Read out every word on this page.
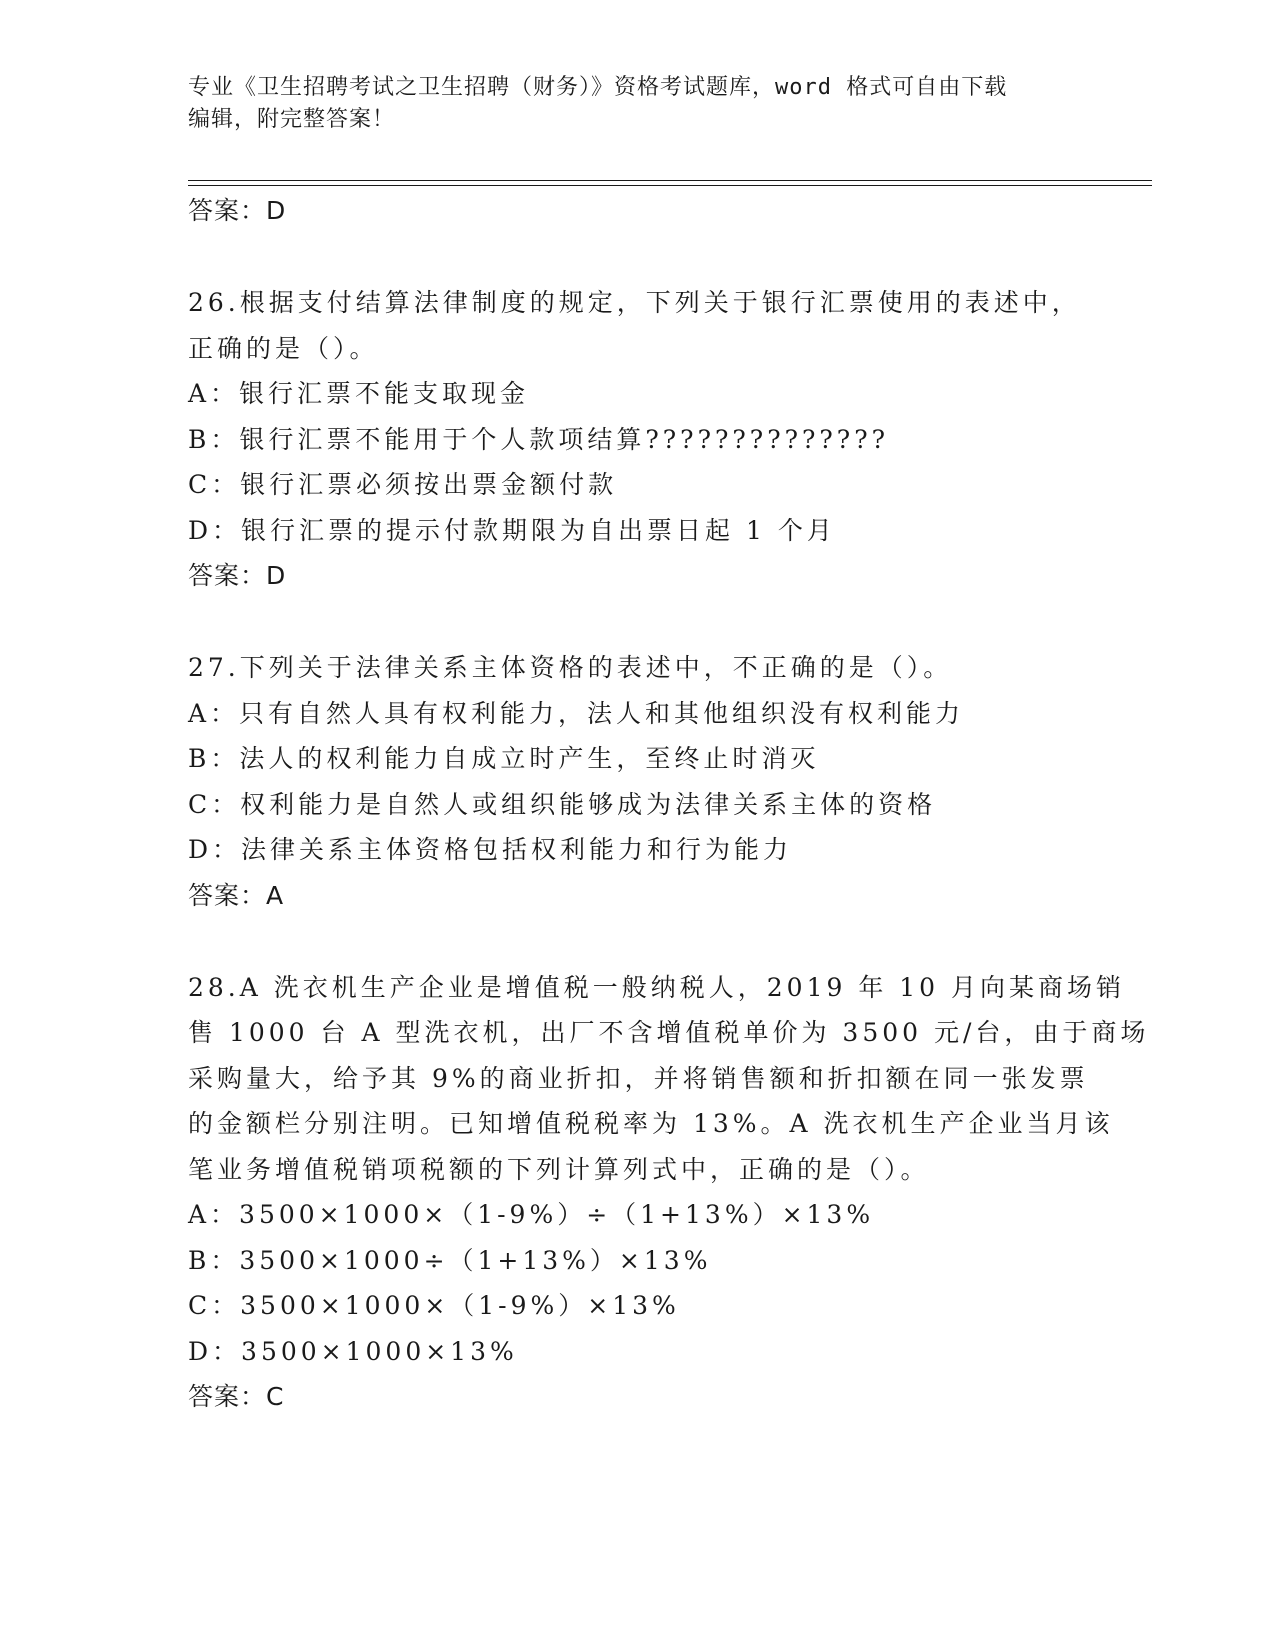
专业《卫生招聘考试之卫生招聘（财务）》资格考试题库，word 格式可自由下载
编辑，附完整答案！
答案：D
26.根据支付结算法律制度的规定，下列关于银行汇票使用的表述中，
正确的是（）。
A：银行汇票不能支取现金
B：银行汇票不能用于个人款项结算??????????????
C：银行汇票必须按出票金额付款
D：银行汇票的提示付款期限为自出票日起 1 个月
答案：D
27.下列关于法律关系主体资格的表述中，不正确的是（）。
A：只有自然人具有权利能力，法人和其他组织没有权利能力
B：法人的权利能力自成立时产生，至终止时消灭
C：权利能力是自然人或组织能够成为法律关系主体的资格
D：法律关系主体资格包括权利能力和行为能力
答案：A
28.A 洗衣机生产企业是增值税一般纳税人，2019 年 10 月向某商场销
售 1000 台 A 型洗衣机，出厂不含增值税单价为 3500 元/台，由于商场
采购量大，给予其 9%的商业折扣，并将销售额和折扣额在同一张发票
的金额栏分别注明。已知增值税税率为 13%。A 洗衣机生产企业当月该
笔业务增值税销项税额的下列计算列式中，正确的是（）。
A：3500×1000×（1-9%）÷（1+13%）×13%
B：3500×1000÷（1+13%）×13%
C：3500×1000×（1-9%）×13%
D：3500×1000×13%
答案：C
